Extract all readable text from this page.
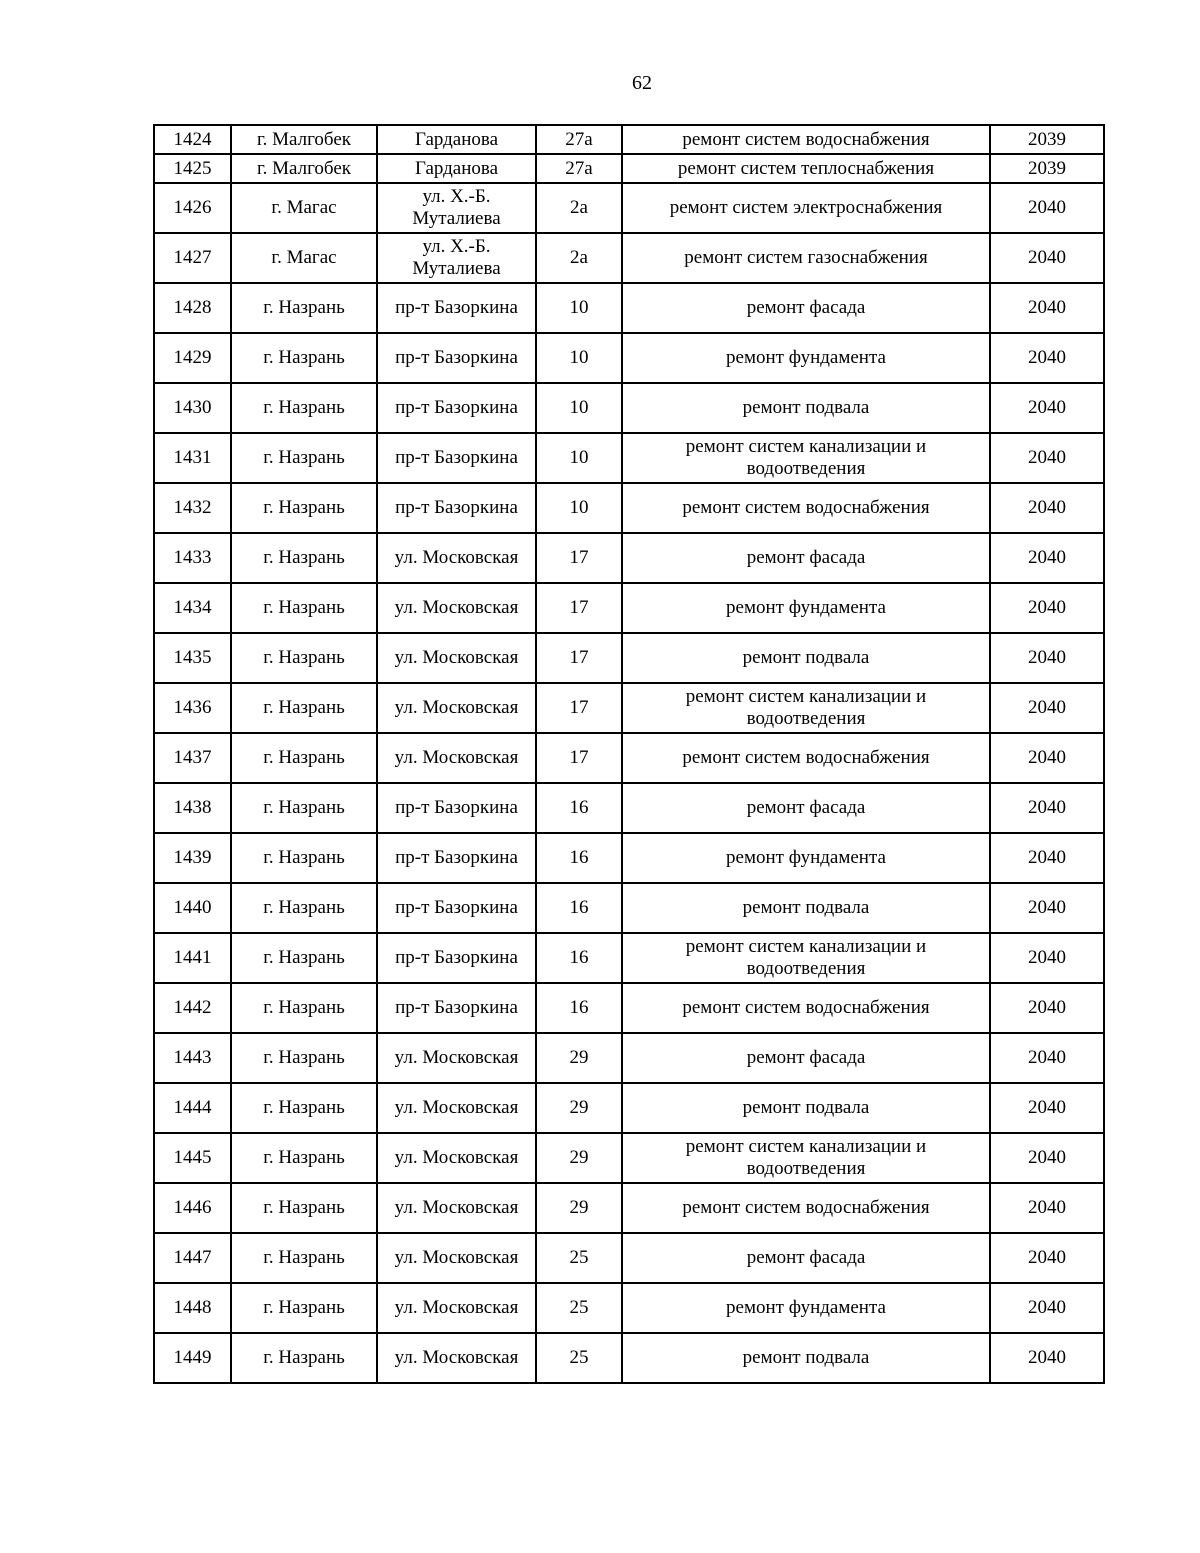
62
1424	г. Малгобек	Гарданова	27а	ремонт систем водоснабжения	2039
1425	г. Малгобек	Гарданова	27а	ремонт систем теплоснабжения	2039
1426	г. Магас	ул. Х.-Б. Муталиева	2а	ремонт систем электроснабжения	2040
1427	г. Магас	ул. Х.-Б. Муталиева	2а	ремонт систем газоснабжения	2040
1428	г. Назрань	пр-т Базоркина	10	ремонт фасада	2040
1429	г. Назрань	пр-т Базоркина	10	ремонт фундамента	2040
1430	г. Назрань	пр-т Базоркина	10	ремонт подвала	2040
1431	г. Назрань	пр-т Базоркина	10	ремонт систем канализации и водоотведения	2040
1432	г. Назрань	пр-т Базоркина	10	ремонт систем водоснабжения	2040
1433	г. Назрань	ул. Московская	17	ремонт фасада	2040
1434	г. Назрань	ул. Московская	17	ремонт фундамента	2040
1435	г. Назрань	ул. Московская	17	ремонт подвала	2040
1436	г. Назрань	ул. Московская	17	ремонт систем канализации и водоотведения	2040
1437	г. Назрань	ул. Московская	17	ремонт систем водоснабжения	2040
1438	г. Назрань	пр-т Базоркина	16	ремонт фасада	2040
1439	г. Назрань	пр-т Базоркина	16	ремонт фундамента	2040
1440	г. Назрань	пр-т Базоркина	16	ремонт подвала	2040
1441	г. Назрань	пр-т Базоркина	16	ремонт систем канализации и водоотведения	2040
1442	г. Назрань	пр-т Базоркина	16	ремонт систем водоснабжения	2040
1443	г. Назрань	ул. Московская	29	ремонт фасада	2040
1444	г. Назрань	ул. Московская	29	ремонт подвала	2040
1445	г. Назрань	ул. Московская	29	ремонт систем канализации и водоотведения	2040
1446	г. Назрань	ул. Московская	29	ремонт систем водоснабжения	2040
1447	г. Назрань	ул. Московская	25	ремонт фасада	2040
1448	г. Назрань	ул. Московская	25	ремонт фундамента	2040
1449	г. Назрань	ул. Московская	25	ремонт подвала	2040
